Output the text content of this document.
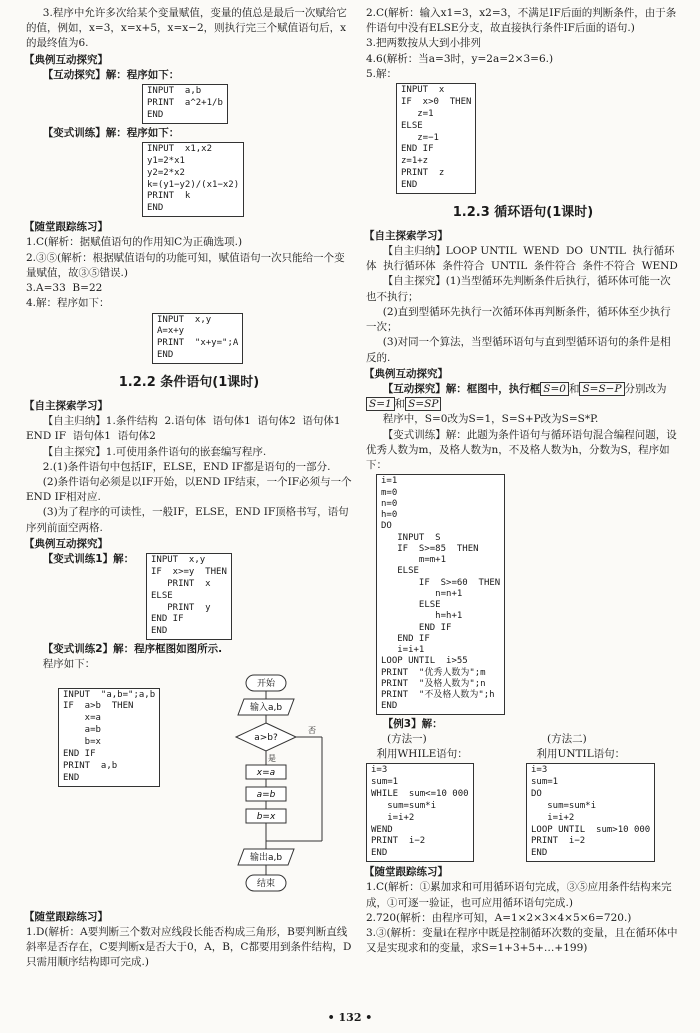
3.程序中允许多次给某个变量赋值，变量的值总是最后一次赋给它的值，例如，x=3，x=x+5，x=x−2，则执行完三个赋值语句后，x的最终值为6.

【典例互动探究】

【互动探究】解：程序如下：

INPUT  a,b
PRINT  a^2+1/b
END

【变式训练】解：程序如下：

INPUT  x1,x2
y1=2*x1
y2=2*x2
k=(y1−y2)/(x1−x2)
PRINT  k
END

【随堂跟踪练习】

1.C(解析：据赋值语句的作用知C为正确选项.)

2.③⑤(解析：根据赋值语句的功能可知，赋值语句一次只能给一个变量赋值，故③⑤错误.)

3.A=33  B=22

4.解：程序如下：

INPUT  x,y
A=x+y
PRINT  "x+y=";A
END
1.2.2 条件语句(1课时)

【自主探索学习】

【自主归纳】1.条件结构  2.语句体  语句体1  语句体2  语句体1  END IF  语句体1  语句体2

【自主探究】1.可使用条件语句的嵌套编写程序.

2.(1)条件语句中包括IF，ELSE，END IF都是语句的一部分.

(2)条件语句必须是以IF开始，以END IF结束，一个IF必须与一个END IF相对应.

(3)为了程序的可读性，一般IF，ELSE，END IF顶格书写，语句序列前面空两格.

【典例互动探究】

【变式训练1】解：	INPUT  x,y
IF  x>=y  THEN
PRINT  x
ELSE
PRINT  y
END IF
END

【变式训练2】解：程序框图如图所示.

程序如下：

INPUT  "a,b=";a,b
IF  a>b  THEN
x=a
a=b
b=x
END IF
PRINT  a,b
END
开始
输入a,b
a>b?
是
否
x=a
a=b
b=x
输出a,b
结束

【随堂跟踪练习】

1.D(解析：A要判断三个数对应线段长能否构成三角形，B要判断直线斜率是否存在，C要判断x是否大于0，A，B，C都要用到条件结构，D只需用顺序结构即可完成.)

2.C(解析：输入x1=3，x2=3，不满足IF后面的判断条件，由于条件语句中没有ELSE分支，故直接执行条件IF后面的语句.)

3.把两数按从大到小排列

4.6(解析：当a=3时，y=2a=2×3=6.)

5.解：

INPUT  x
IF  x>0  THEN
z=1
ELSE
z=−1
END IF
z=1+z
PRINT  z
END
1.2.3 循环语句(1课时)

【自主探索学习】

【自主归纳】LOOP UNTIL  WEND  DO  UNTIL  执行循环体  执行循环体  条件符合  UNTIL  条件符合  条件不符合  WEND

【自主探究】(1)当型循环先判断条件后执行，循环体可能一次也不执行；

(2)直到型循环先执行一次循环体再判断条件，循环体至少执行一次；

(3)对同一个算法，当型循环语句与直到型循环语句的条件是相反的.

【典例互动探究】

【互动探究】解：框图中，执行框 S=0 和 S=S−P 分别改为S=1 和 S=SP

程序中，S=0改为S=1，S=S+P改为S=S*P.

【变式训练】解：此题为条件语句与循环语句混合编程问题，设优秀人数为m，及格人数为n，不及格人数为h，分数为S，程序如下：

i=1
m=0
n=0
h=0
DO
INPUT  S
IF  S>=85  THEN
m=m+1
ELSE
IF  S>=60  THEN
n=n+1
ELSE
h=h+1
END IF
END IF
i=i+1
LOOP UNTIL  i>55
PRINT  "优秀人数为";m
PRINT  "及格人数为";n
PRINT  "不及格人数为";h
END

【例3】解：

(方法一)

利用WHILE语句：

i=3
sum=1
WHILE  sum<=10 000
sum=sum*i
i=i+2
WEND
PRINT  i−2
END

(方法二)

利用UNTIL语句：

i=3
sum=1
DO
sum=sum*i
i=i+2
LOOP UNTIL  sum>10 000
PRINT  i−2
END

【随堂跟踪练习】

1.C(解析：①累加求和可用循环语句完成，③⑤应用条件结构来完成，①可逐一验证，也可应用循环语句完成.)

2.720(解析：由程序可知，A=1×2×3×4×5×6=720.)

3.③(解析：变量i在程序中既是控制循环次数的变量，且在循环体中又是实现求和的变量，求S=1+3+5+…+199)

• 132 •
